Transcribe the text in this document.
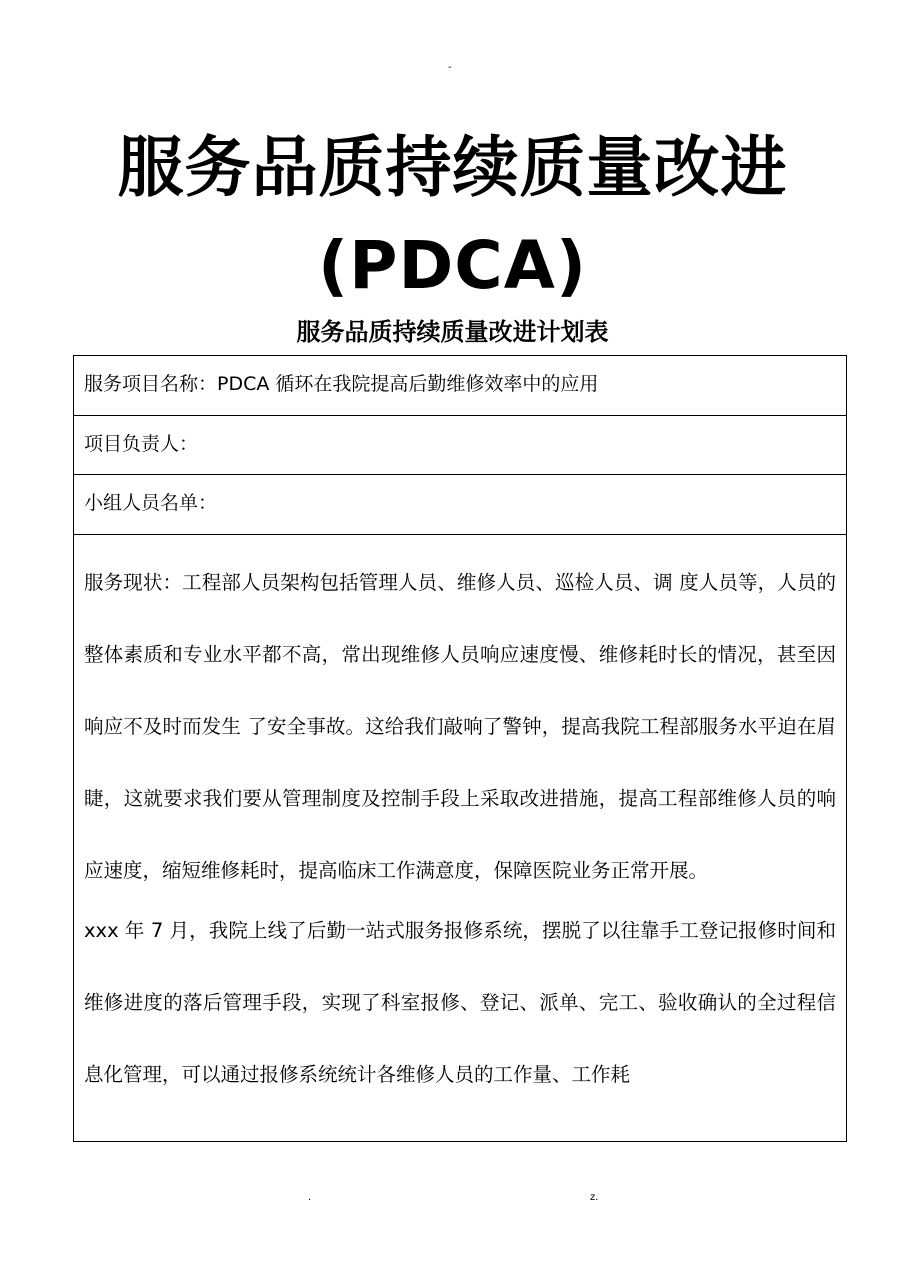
-
服务品质持续质量改进
(PDCA)
服务品质持续质量改进计划表
服务项目名称：PDCA 循环在我院提高后勤维修效率中的应用
项目负责人：
小组人员名单：

服务现状：工程部人员架构包括管理人员、维修人员、巡检人员、调 度人员等，人员的整体素质和专业水平都不高，常出现维修人员响应速度慢、维修耗时长的情况，甚至因响应不及时而发生 了安全事故。这给我们敲响了警钟，提高我院工程部服务水平迫在眉睫，这就要求我们要从管理制度及控制手段上采取改进措施，提高工程部维修人员的响应速度，缩短维修耗时，提高临床工作满意度，保障医院业务正常开展。

xxx 年 7 月，我院上线了后勤一站式服务报修系统，摆脱了以往靠手工登记报修时间和维修进度的落后管理手段，实现了科室报修、登记、派单、完工、验收确认的全过程信息化管理，可以通过报修系统统计各维修人员的工作量、工作耗

.	z.
